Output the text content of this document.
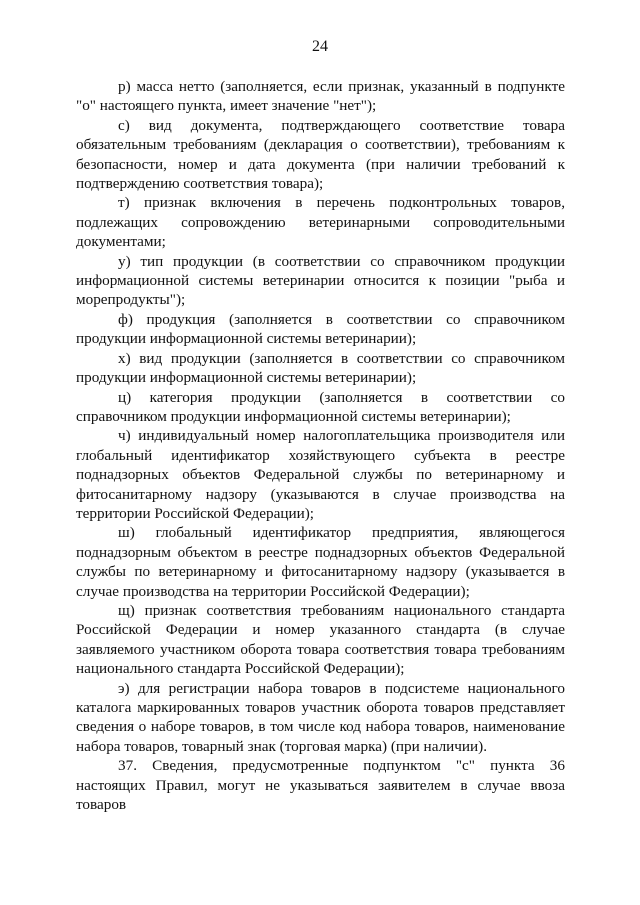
24

р) масса нетто (заполняется, если признак, указанный в подпункте "о" настоящего пункта, имеет значение "нет");

с) вид документа, подтверждающего соответствие товара обязательным требованиям (декларация о соответствии), требованиям к безопасности, номер и дата документа (при наличии требований к подтверждению соответствия товара);

т) признак включения в перечень подконтрольных товаров, подлежащих сопровождению ветеринарными сопроводительными документами;

у) тип продукции (в соответствии со справочником продукции информационной системы ветеринарии относится к позиции "рыба и морепродукты");

ф) продукция (заполняется в соответствии со справочником продукции информационной системы ветеринарии);

х) вид продукции (заполняется в соответствии со справочником продукции информационной системы ветеринарии);

ц) категория продукции (заполняется в соответствии со справочником продукции информационной системы ветеринарии);

ч) индивидуальный номер налогоплательщика производителя или глобальный идентификатор хозяйствующего субъекта в реестре поднадзорных объектов Федеральной службы по ветеринарному и фитосанитарному надзору (указываются в случае производства на территории Российской Федерации);

ш) глобальный идентификатор предприятия, являющегося поднадзорным объектом в реестре поднадзорных объектов Федеральной службы по ветеринарному и фитосанитарному надзору (указывается в случае производства на территории Российской Федерации);

щ) признак соответствия требованиям национального стандарта Российской Федерации и номер указанного стандарта (в случае заявляемого участником оборота товара соответствия товара требованиям национального стандарта Российской Федерации);

э) для регистрации набора товаров в подсистеме национального каталога маркированных товаров участник оборота товаров представляет сведения о наборе товаров, в том числе код набора товаров, наименование набора товаров, товарный знак (торговая марка) (при наличии).

37. Сведения, предусмотренные подпунктом "с" пункта 36 настоящих Правил, могут не указываться заявителем в случае ввоза товаров
